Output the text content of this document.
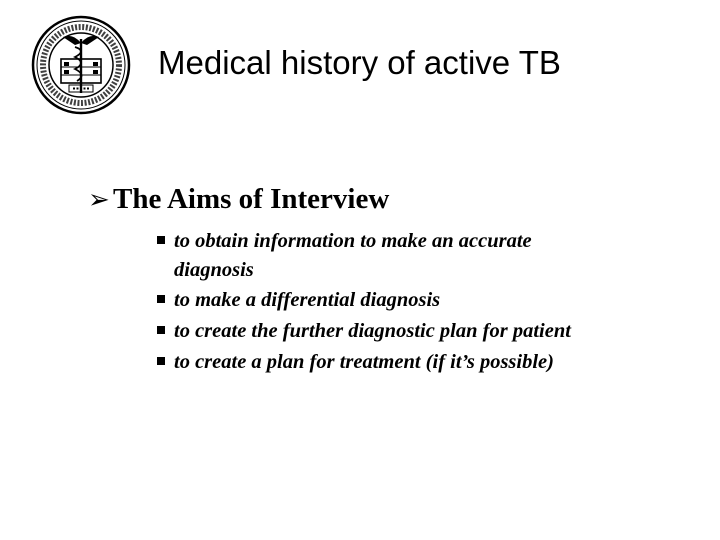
Medical history of active TB
➢ The Aims of Interview
to obtain information to make an accurate diagnosis
to make a differential diagnosis
to create the further diagnostic plan for patient
to create a plan for treatment (if it’s possible)
